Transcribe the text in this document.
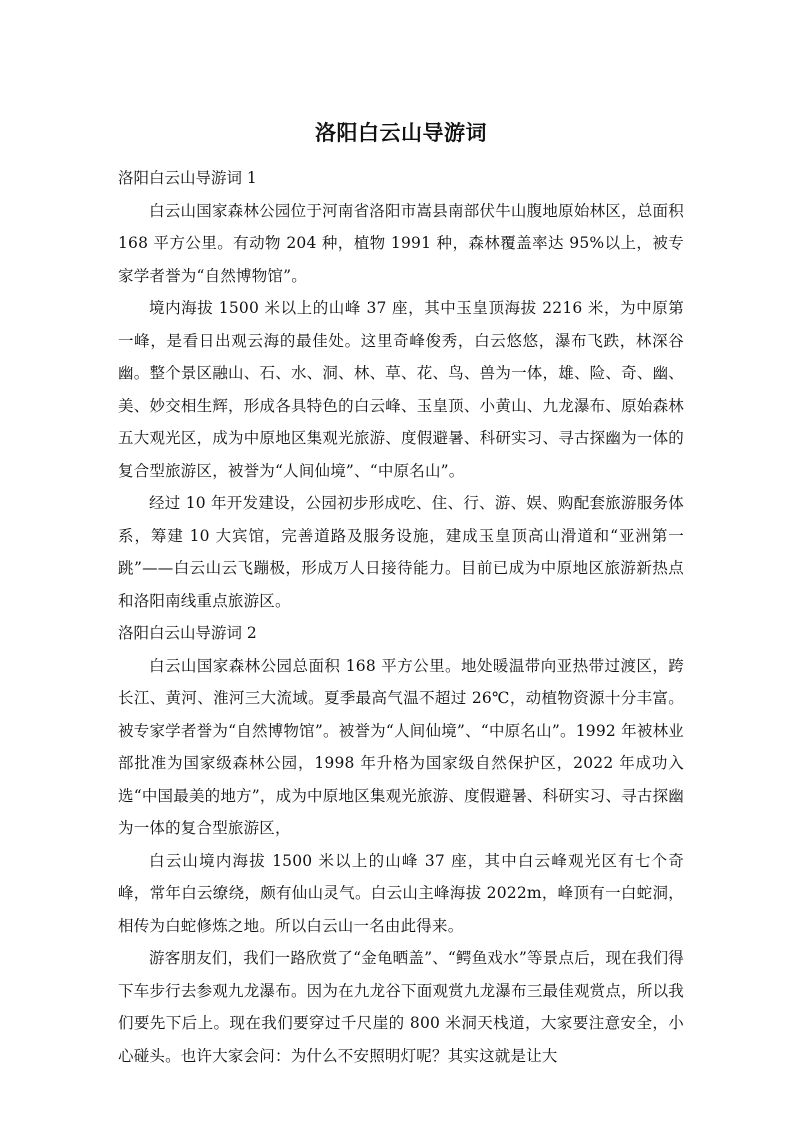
洛阳白云山导游词

洛阳白云山导游词 1

白云山国家森林公园位于河南省洛阳市嵩县南部伏牛山腹地原始林区，总面积 168 平方公里。有动物 204 种，植物 1991 种，森林覆盖率达 95%以上，被专家学者誉为“自然博物馆”。

境内海拔 1500 米以上的山峰 37 座，其中玉皇顶海拔 2216 米，为中原第一峰，是看日出观云海的最佳处。这里奇峰俊秀，白云悠悠，瀑布飞跌，林深谷幽。整个景区融山、石、水、洞、林、草、花、鸟、兽为一体，雄、险、奇、幽、美、妙交相生辉，形成各具特色的白云峰、玉皇顶、小黄山、九龙瀑布、原始森林五大观光区，成为中原地区集观光旅游、度假避暑、科研实习、寻古探幽为一体的复合型旅游区，被誉为“人间仙境”、“中原名山”。

经过 10 年开发建设，公园初步形成吃、住、行、游、娱、购配套旅游服务体系，筹建 10 大宾馆，完善道路及服务设施，建成玉皇顶高山滑道和“亚洲第一跳”——白云山云飞蹦极，形成万人日接待能力。目前已成为中原地区旅游新热点和洛阳南线重点旅游区。

洛阳白云山导游词 2

白云山国家森林公园总面积 168 平方公里。地处暖温带向亚热带过渡区，跨长江、黄河、淮河三大流域。夏季最高气温不超过 26℃，动植物资源十分丰富。被专家学者誉为“自然博物馆”。被誉为“人间仙境”、“中原名山”。1992 年被林业部批准为国家级森林公园，1998 年升格为国家级自然保护区，2022 年成功入选“中国最美的地方”，成为中原地区集观光旅游、度假避暑、科研实习、寻古探幽为一体的复合型旅游区，

白云山境内海拔 1500 米以上的山峰 37 座，其中白云峰观光区有七个奇峰，常年白云缭绕，颇有仙山灵气。白云山主峰海拔 2022m，峰顶有一白蛇洞，相传为白蛇修炼之地。所以白云山一名由此得来。

游客朋友们，我们一路欣赏了“金龟晒盖”、“鳄鱼戏水”等景点后，现在我们得下车步行去参观九龙瀑布。因为在九龙谷下面观赏九龙瀑布三最佳观赏点，所以我们要先下后上。现在我们要穿过千尺崖的 800 米洞天栈道，大家要注意安全，小心碰头。也许大家会问：为什么不安照明灯呢？其实这就是让大
